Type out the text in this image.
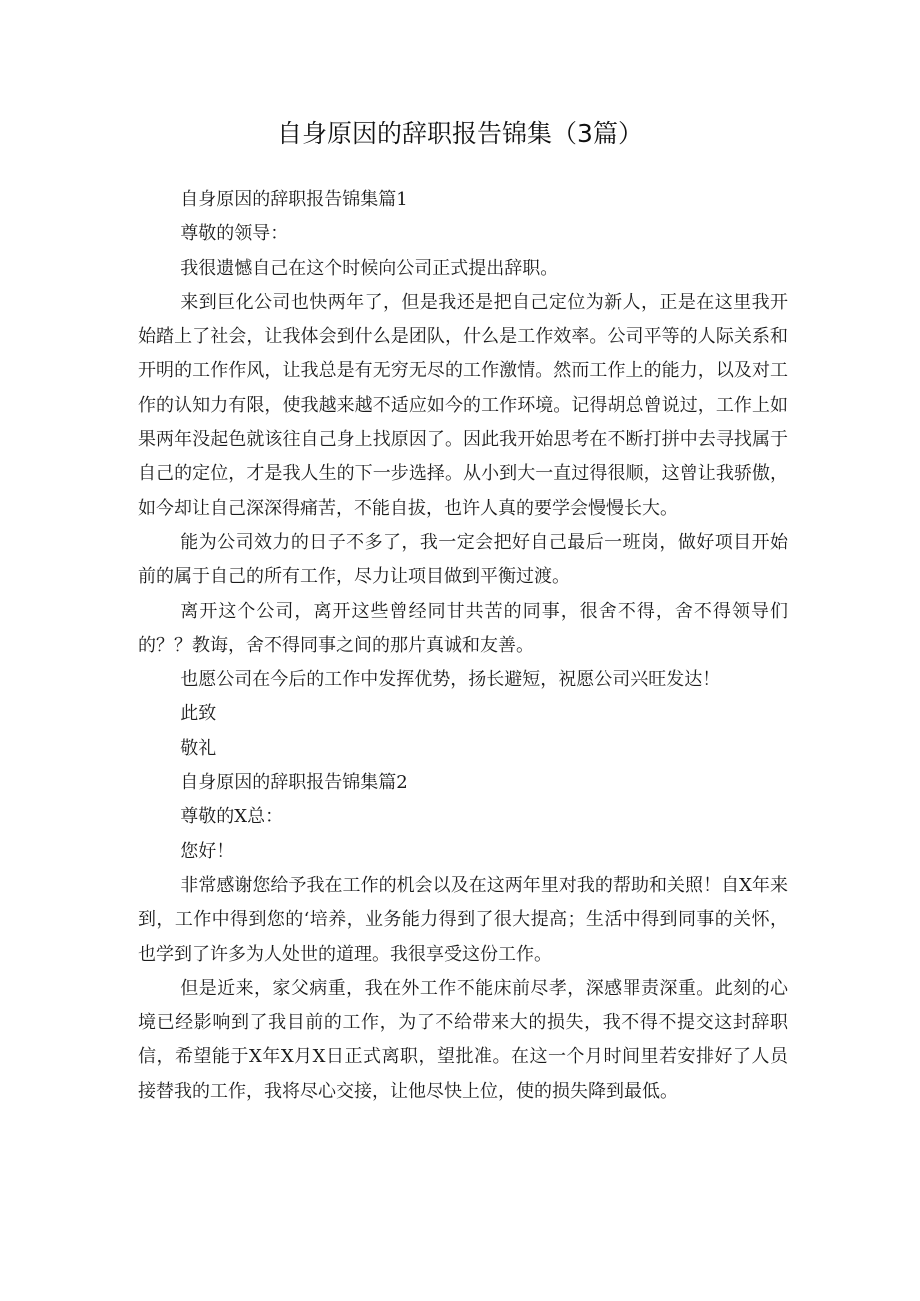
自身原因的辞职报告锦集（3篇）

自身原因的辞职报告锦集篇1

尊敬的领导：

我很遗憾自己在这个时候向公司正式提出辞职。

来到巨化公司也快两年了，但是我还是把自己定位为新人，正是在这里我开始踏上了社会，让我体会到什么是团队，什么是工作效率。公司平等的人际关系和开明的工作作风，让我总是有无穷无尽的工作激情。然而工作上的能力，以及对工作的认知力有限，使我越来越不适应如今的工作环境。记得胡总曾说过，工作上如果两年没起色就该往自己身上找原因了。因此我开始思考在不断打拼中去寻找属于自己的定位，才是我人生的下一步选择。从小到大一直过得很顺，这曾让我骄傲，如今却让自己深深得痛苦，不能自拔，也许人真的要学会慢慢长大。

能为公司效力的日子不多了，我一定会把好自己最后一班岗，做好项目开始前的属于自己的所有工作，尽力让项目做到平衡过渡。

离开这个公司，离开这些曾经同甘共苦的同事，很舍不得，舍不得领导们的？？教诲，舍不得同事之间的那片真诚和友善。

也愿公司在今后的工作中发挥优势，扬长避短，祝愿公司兴旺发达！

此致

敬礼

自身原因的辞职报告锦集篇2

尊敬的X总：

您好！

非常感谢您给予我在工作的机会以及在这两年里对我的帮助和关照！自X年来到，工作中得到您的‘培养，业务能力得到了很大提高；生活中得到同事的关怀，也学到了许多为人处世的道理。我很享受这份工作。

但是近来，家父病重，我在外工作不能床前尽孝，深感罪责深重。此刻的心境已经影响到了我目前的工作，为了不给带来大的损失，我不得不提交这封辞职信，希望能于X年X月X日正式离职，望批准。在这一个月时间里若安排好了人员接替我的工作，我将尽心交接，让他尽快上位，使的损失降到最低。
